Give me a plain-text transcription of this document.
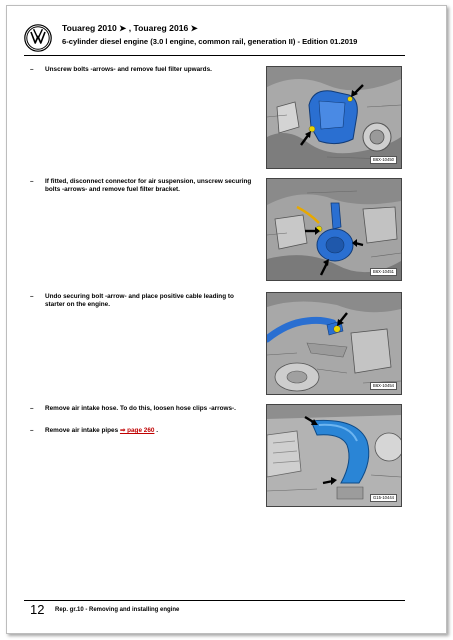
Touareg 2010 ➤ , Touareg 2016 ➤
6-cylinder diesel engine (3.0 l engine, common rail, generation II) - Edition 01.2019
– Unscrew bolts -arrows- and remove fuel filter upwards.
– If fitted, disconnect connector for air suspension, unscrew securing bolts -arrows- and remove fuel filter bracket.
– Undo securing bolt -arrow- and place positive cable leading to starter on the engine.
– Remove air intake hose. To do this, loosen hose clips -arrows-.
– Remove air intake pipes ⇒ page 260 .
B6X-10450
B6X-10451
B6X-10454
G15-10444
12 Rep. gr.10 - Removing and installing engine
